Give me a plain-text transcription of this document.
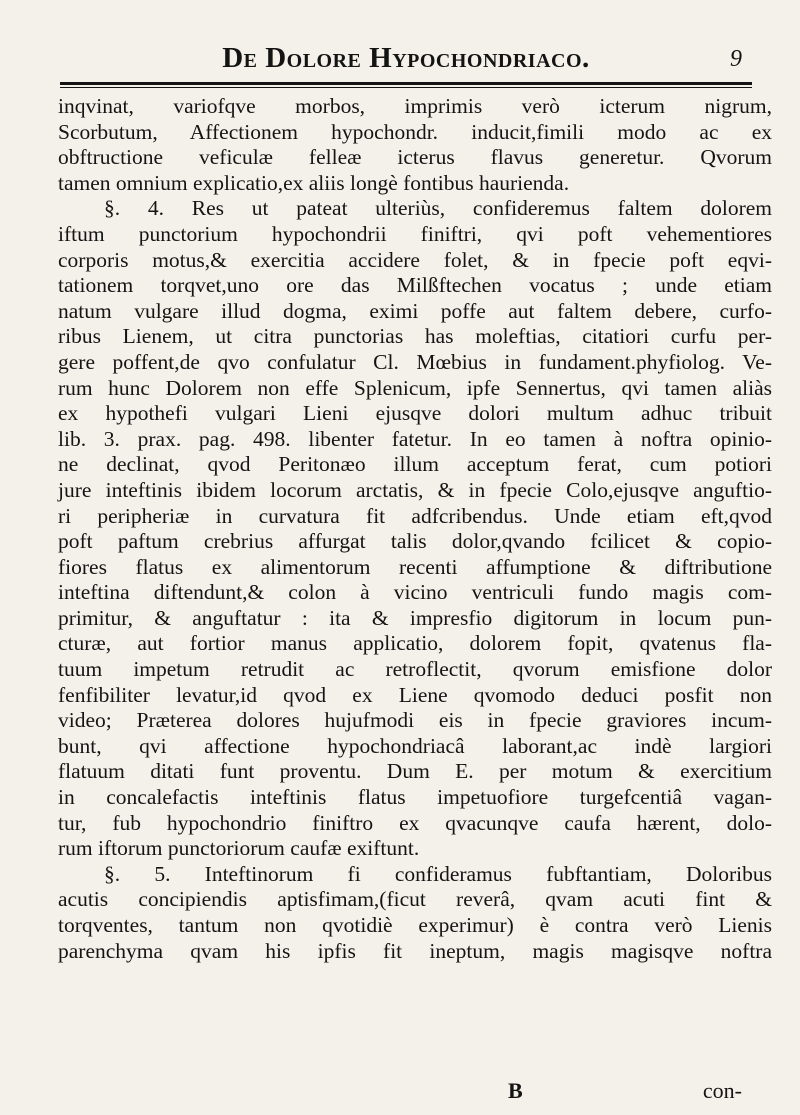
De Dolore Hypochondriaco.	9
inqvinat, variofqve morbos, imprimis verò icterum nigrum,
Scorbutum, Affectionem hypochondr. inducit,fimili modo ac ex
obftructione veficulæ felleæ icterus flavus generetur. Qvorum
tamen omnium explicatio,ex aliis longè fontibus haurienda.
§. 4. Res ut pateat ulteriùs, confideremus faltem dolorem
iftum punctorium hypochondrii finiftri, qvi poft vehementiores
corporis motus,& exercitia accidere folet, & in fpecie poft eqvi-
tationem torqvet,uno ore das Milßftechen vocatus ; unde etiam
natum vulgare illud dogma, eximi poffe aut faltem debere, curfo-
ribus Lienem, ut citra punctorias has moleftias, citatiori curfu per-
gere poffent,de qvo confulatur Cl. Mœbius in fundament.phyfiolog. Ve-
rum hunc Dolorem non effe Splenicum, ipfe Sennertus, qvi tamen aliàs
ex hypothefi vulgari Lieni ejusqve dolori multum adhuc tribuit
lib. 3. prax. pag. 498. libenter fatetur. In eo tamen à noftra opinio-
ne declinat, qvod Peritonæo illum acceptum ferat, cum potiori
jure inteftinis ibidem locorum arctatis, & in fpecie Colo,ejusqve anguftio-
ri peripheriæ in curvatura fit adfcribendus. Unde etiam eft,qvod
poft paftum crebrius affurgat talis dolor,qvando fcilicet & copio-
fiores flatus ex alimentorum recenti affumptione & diftributione
inteftina diftendunt,& colon à vicino ventriculi fundo magis com-
primitur, & anguftatur : ita & impresfio digitorum in locum pun-
cturæ, aut fortior manus applicatio, dolorem fopit, qvatenus fla-
tuum impetum retrudit ac retroflectit, qvorum emisfione dolor
fenfibiliter levatur,id qvod ex Liene qvomodo deduci posfit non
video; Præterea dolores hujufmodi eis in fpecie graviores incum-
bunt, qvi affectione hypochondriacâ laborant,ac indè largiori
flatuum ditati funt proventu. Dum E. per motum & exercitium
in concalefactis inteftinis flatus impetuofiore turgefcentiâ vagan-
tur, fub hypochondrio finiftro ex qvacunqve caufa hærent, dolo-
rum iftorum punctoriorum caufæ exiftunt.
§. 5. Inteftinorum fi confideramus fubftantiam, Doloribus
acutis concipiendis aptisfimam,(ficut reverâ, qvam acuti fint &
torqventes, tantum non qvotidiè experimur) è contra verò Lienis
parenchyma qvam his ipfis fit ineptum, magis magisqve noftra
B	con-
